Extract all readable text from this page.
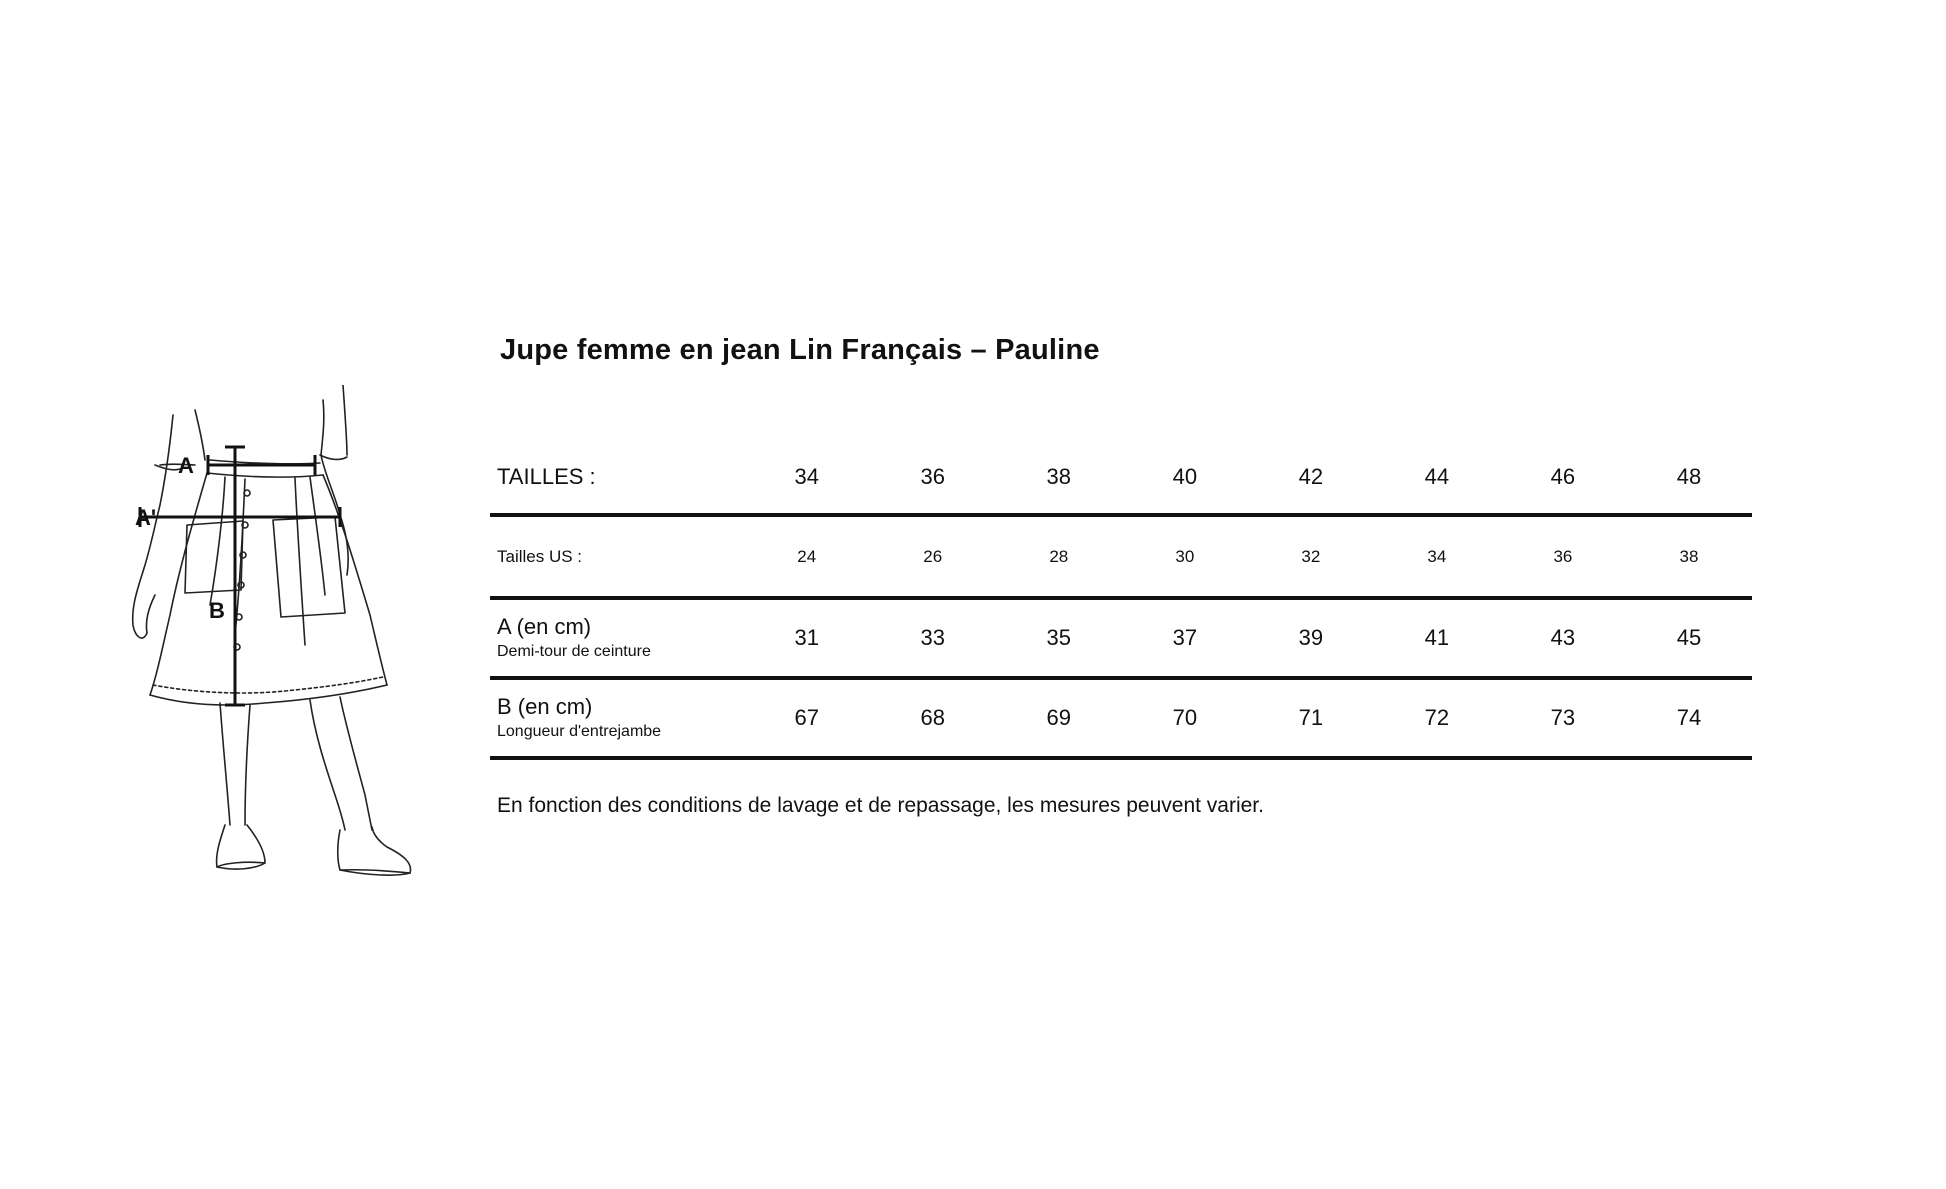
A
A'
B
Jupe femme en jean Lin Français – Pauline
TAILLES :	34	36	38	40	42	44	46	48
Tailles US :	24	26	28	30	32	34	36	38
A (en cm)
Demi-tour de ceinture
31	33	35	37	39	41	43	45
B (en cm)
Longueur d'entrejambe
67	68	69	70	71	72	73	74
En fonction des conditions de lavage et de repassage, les mesures peuvent varier.
